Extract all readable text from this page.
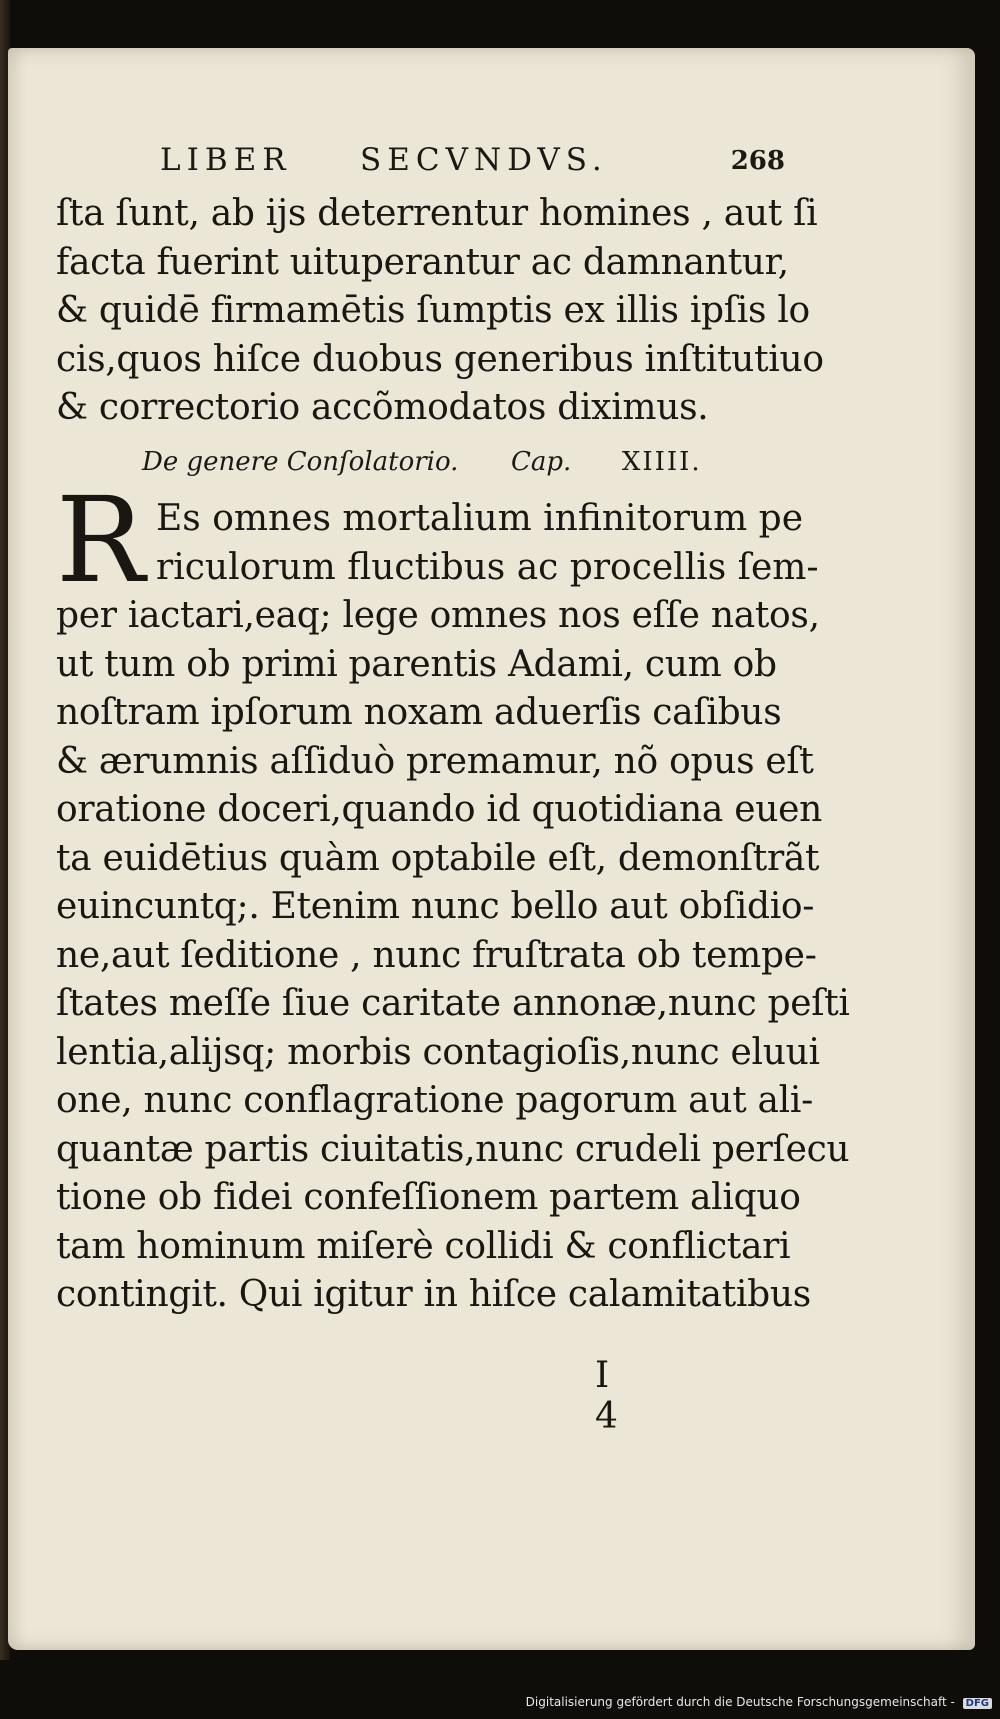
LIBER SECVNDVS.	268
ſta ſunt, ab ijs deterrentur homines , aut ſi
facta fuerint uituperantur ac damnantur,
& quidē firmamētis ſumptis ex illis ipſis lo
cis,quos hiſce duobus generibus inſtitutiuo
& correctorio accõmodatos diximus.
De genere Conſolatorio. Cap. XIIII.
R Es omnes mortalium infinitorum pe
riculorum fluctibus ac procellis ſem-
per iactari,eaq; lege omnes nos eſſe natos,
ut tum ob primi parentis Adami, cum ob
noſtram ipſorum noxam aduerſis caſibus
& ærumnis aſſiduò premamur, nõ opus eſt
oratione doceri,quando id quotidiana euen
ta euidētius quàm optabile eſt, demonſtrãt
euincuntq;. Etenim nunc bello aut obſidio-
ne,aut ſeditione , nunc fruſtrata ob tempe-
ſtates meſſe ſiue caritate annonæ,nunc peſti
lentia,alijsq; morbis contagioſis,nunc eluui
one, nunc conflagratione pagorum aut ali-
quantæ partis ciuitatis,nunc crudeli perſecu
tione ob fidei confeſſionem partem aliquo
tam hominum miſerè collidi & conflictari
contingit. Qui igitur in hiſce calamitatibus
I 4
Digitalisierung gefördert durch die Deutsche Forschungsgemeinschaft - DFG
